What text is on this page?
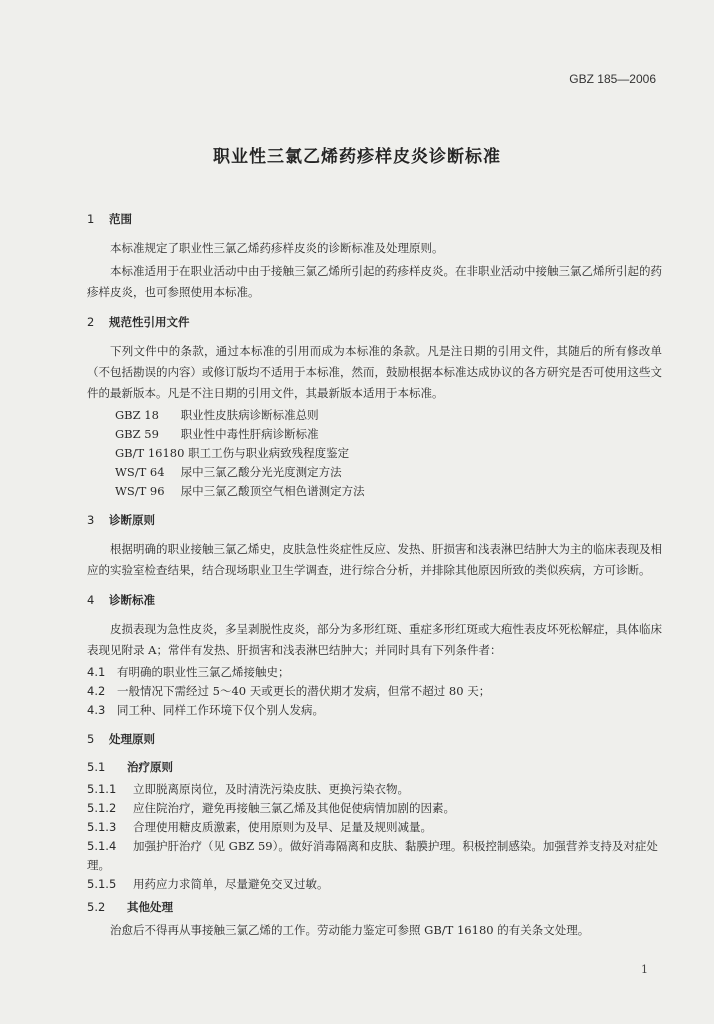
GBZ 185—2006
职业性三氯乙烯药疹样皮炎诊断标准
1 范围

本标准规定了职业性三氯乙烯药疹样皮炎的诊断标准及处理原则。

本标准适用于在职业活动中由于接触三氯乙烯所引起的药疹样皮炎。在非职业活动中接触三氯乙烯所引起的药疹样皮炎，也可参照使用本标准。

2 规范性引用文件

下列文件中的条款，通过本标准的引用而成为本标准的条款。凡是注日期的引用文件，其随后的所有修改单（不包括勘误的内容）或修订版均不适用于本标准，然而，鼓励根据本标准达成协议的各方研究是否可使用这些文件的最新版本。凡是不注日期的引用文件，其最新版本适用于本标准。

GBZ 18 职业性皮肤病诊断标准总则

GBZ 59 职业性中毒性肝病诊断标准

GB/T 16180 职工工伤与职业病致残程度鉴定

WS/T 64 尿中三氯乙酸分光光度测定方法

WS/T 96 尿中三氯乙酸顶空气相色谱测定方法

3 诊断原则

根据明确的职业接触三氯乙烯史，皮肤急性炎症性反应、发热、肝损害和浅表淋巴结肿大为主的临床表现及相应的实验室检查结果，结合现场职业卫生学调查，进行综合分析，并排除其他原因所致的类似疾病，方可诊断。

4 诊断标准

皮损表现为急性皮炎，多呈剥脱性皮炎，部分为多形红斑、重症多形红斑或大疱性表皮坏死松解症，具体临床表现见附录 A；常伴有发热、肝损害和浅表淋巴结肿大；并同时具有下列条件者：

4.1 有明确的职业性三氯乙烯接触史；

4.2 一般情况下需经过 5～40 天或更长的潜伏期才发病，但常不超过 80 天；

4.3 同工种、同样工作环境下仅个别人发病。

5 处理原则
5.1 治疗原则

5.1.1 立即脱离原岗位，及时清洗污染皮肤、更换污染衣物。

5.1.2 应住院治疗，避免再接触三氯乙烯及其他促使病情加剧的因素。

5.1.3 合理使用糖皮质激素，使用原则为及早、足量及规则减量。

5.1.4 加强护肝治疗（见 GBZ 59）。做好消毒隔离和皮肤、黏膜护理。积极控制感染。加强营养支持及对症处理。

5.1.5 用药应力求简单，尽量避免交叉过敏。

5.2 其他处理

治愈后不得再从事接触三氯乙烯的工作。劳动能力鉴定可参照 GB/T 16180 的有关条文处理。

1
